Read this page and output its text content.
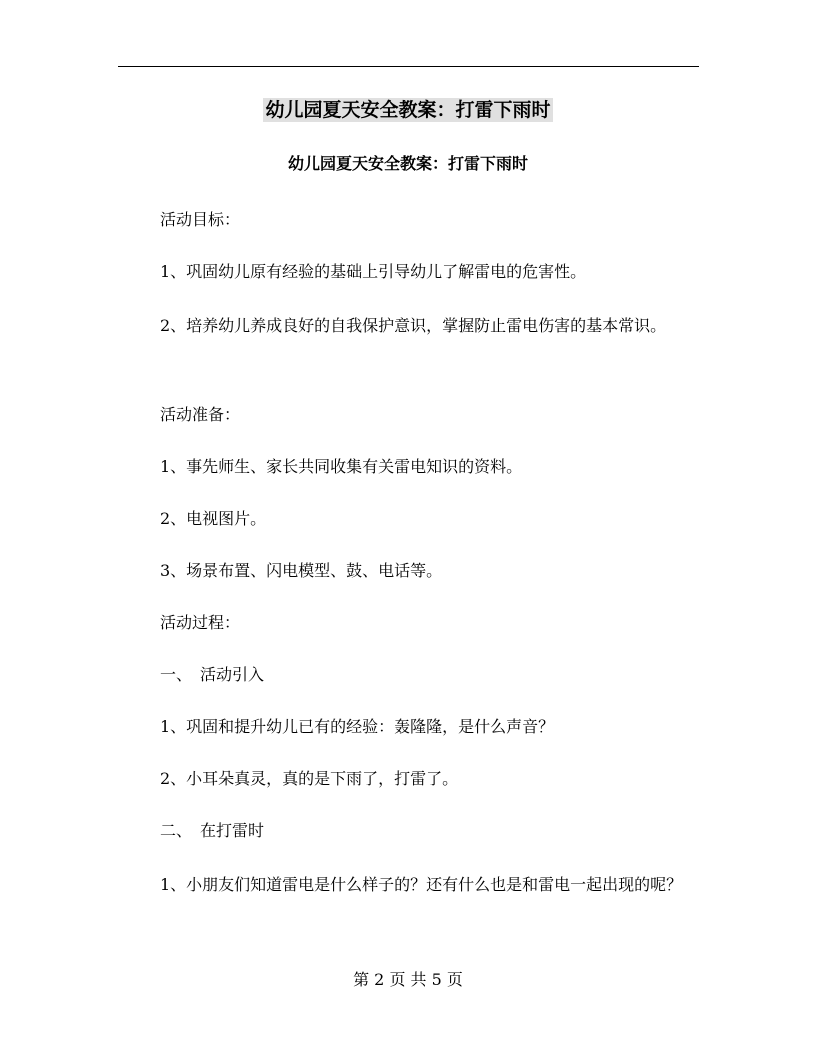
幼儿园夏天安全教案：打雷下雨时
幼儿园夏天安全教案：打雷下雨时

活动目标：

1、巩固幼儿原有经验的基础上引导幼儿了解雷电的危害性。

2、培养幼儿养成良好的自我保护意识，掌握防止雷电伤害的基本常识。

活动准备：

1、事先师生、家长共同收集有关雷电知识的资料。

2、电视图片。

3、场景布置、闪电模型、鼓、电话等。

活动过程：

一、　活动引入

1、巩固和提升幼儿已有的经验：轰隆隆，是什么声音？

2、小耳朵真灵，真的是下雨了，打雷了。

二、　在打雷时

1、小朋友们知道雷电是什么样子的？还有什么也是和雷电一起出现的呢？

第 2 页 共 5 页
